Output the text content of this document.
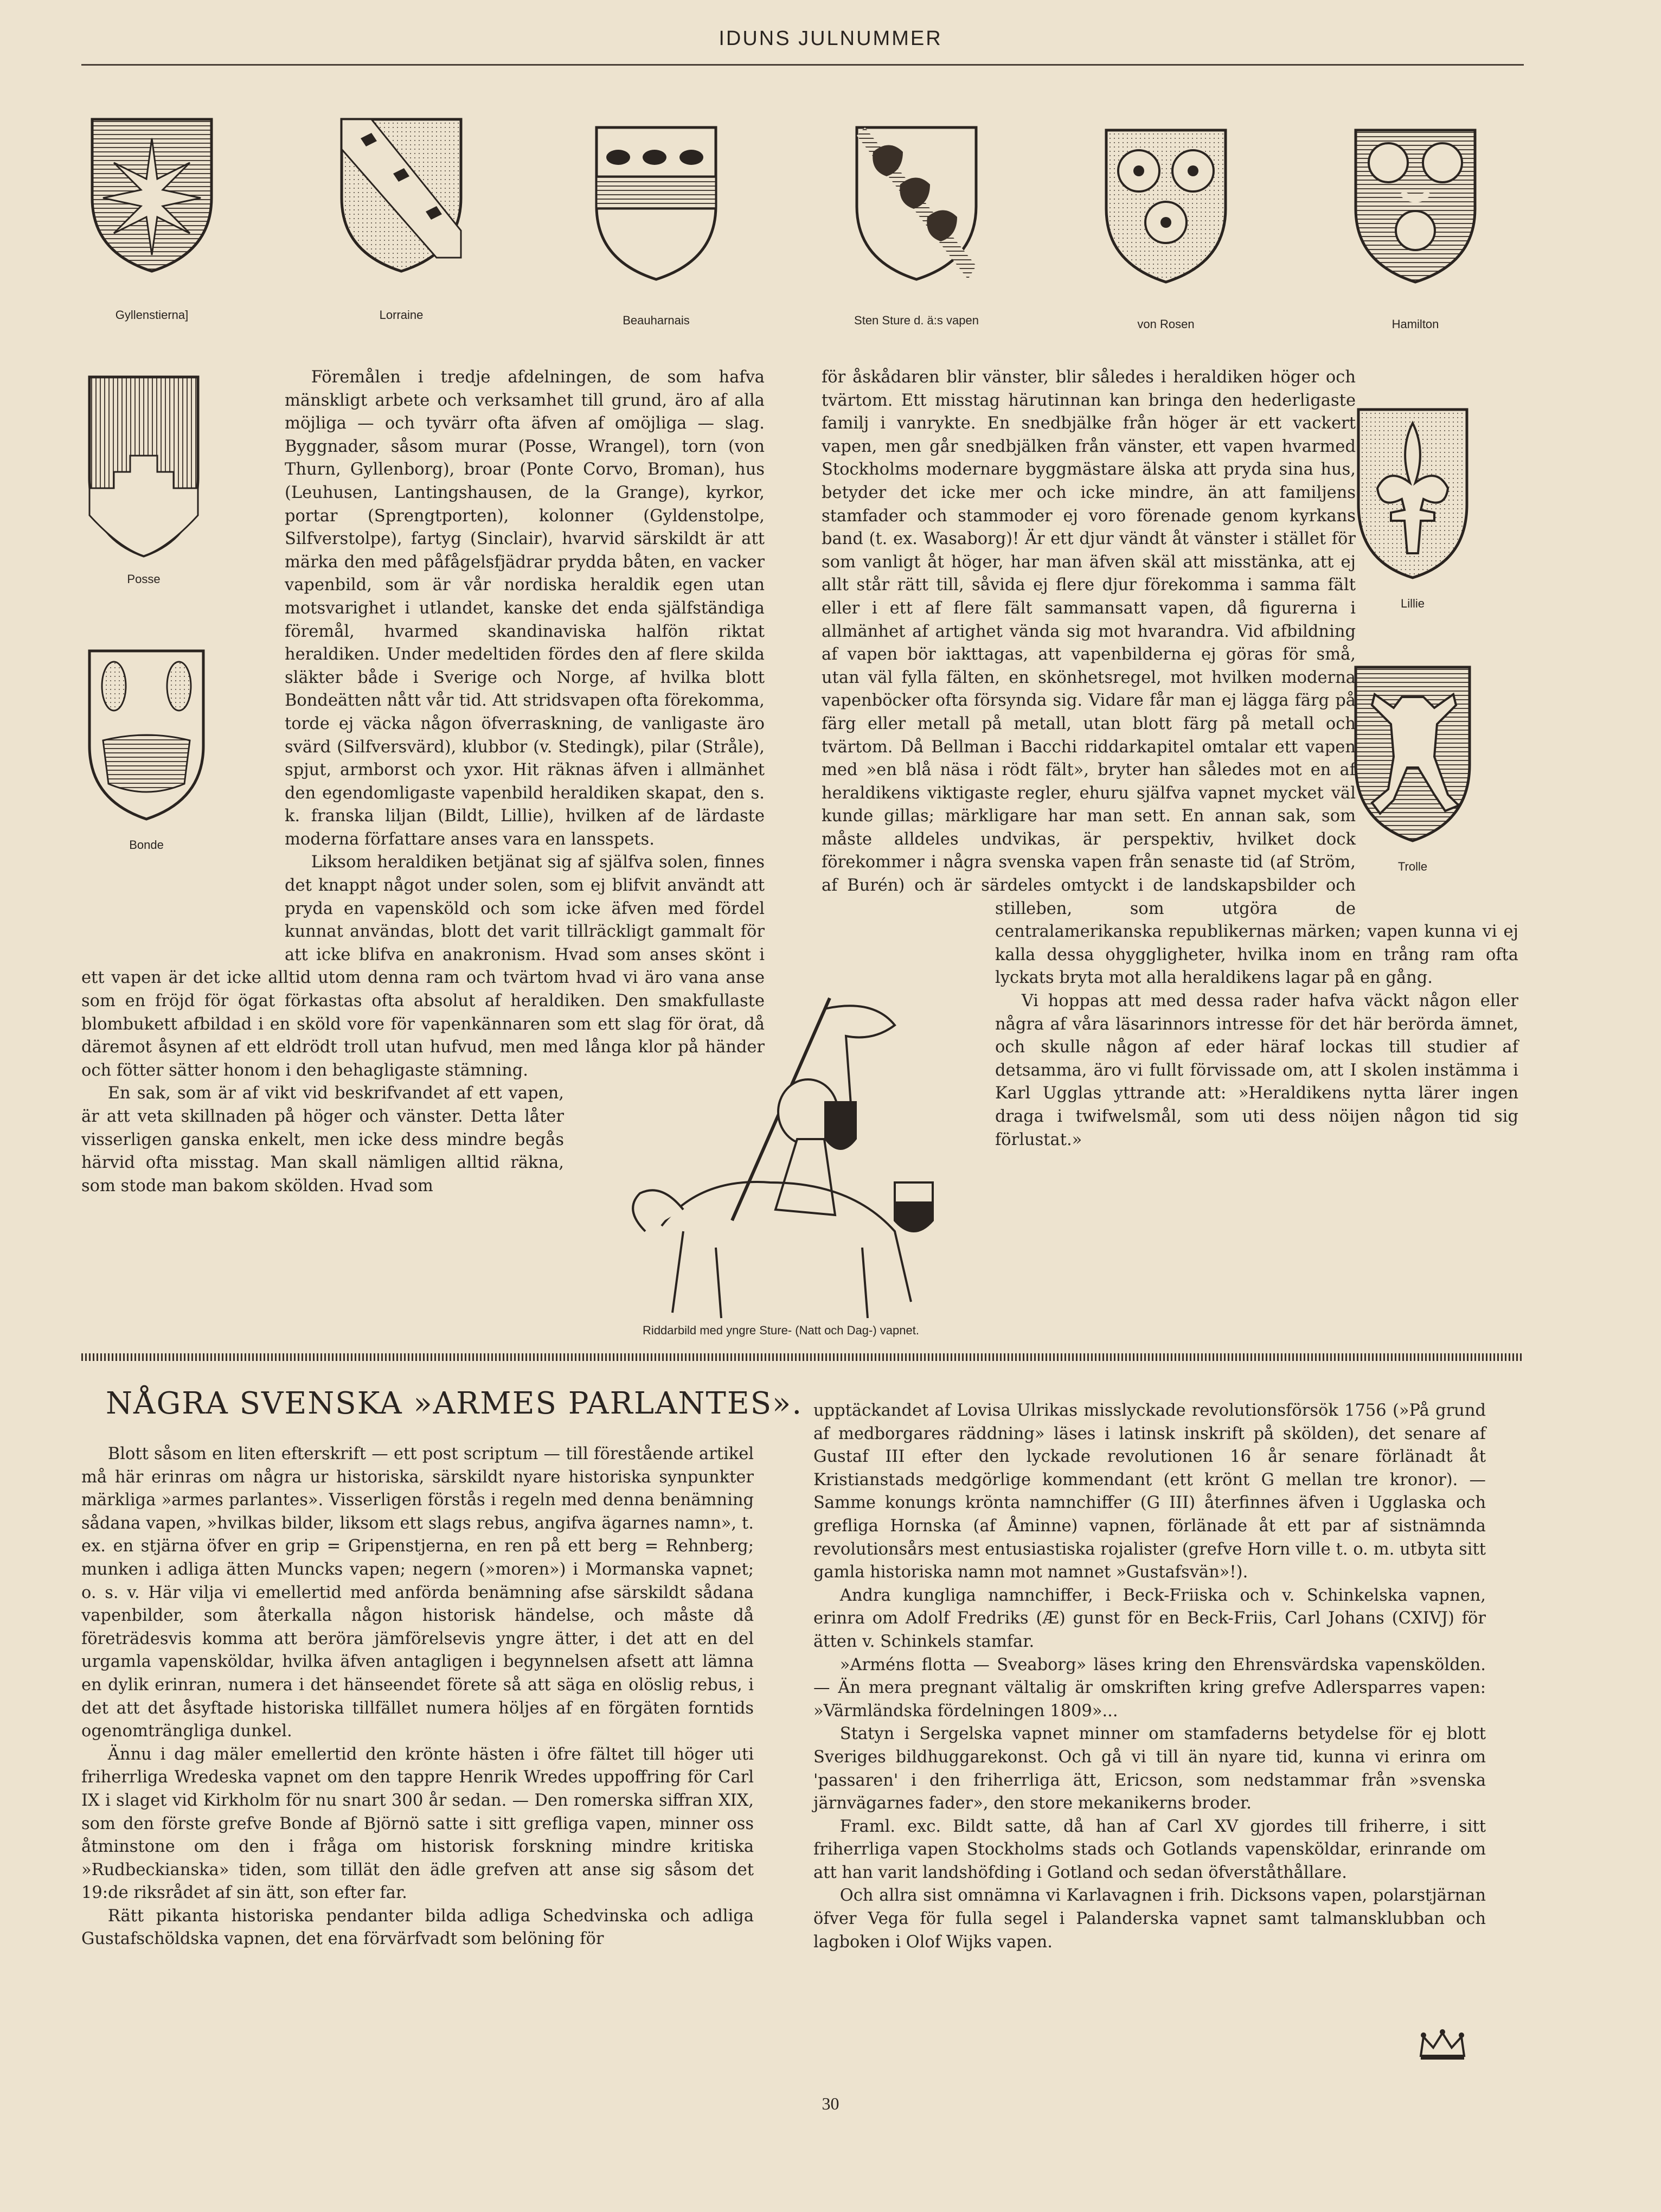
IDUNS JULNUMMER
Gyllenstierna]	Lorraine	Beauharnais	Sten Sture d. ä:s vapen	von Rosen	Hamilton
Posse
Bonde
Lillie
Trolle

Föremålen i tredje afdelningen, de som hafva mänskligt arbete och verksamhet till grund, äro af alla möjliga — och tyvärr ofta äfven af omöjliga — slag. Byggnader, såsom murar (Posse, Wrangel), torn (von Thurn, Gyllenborg), broar (Ponte Corvo, Broman), hus (Leuhusen, Lantingshausen, de la Grange), kyrkor, portar (Sprengtporten), kolonner (Gyldenstolpe, Silfverstolpe), fartyg (Sinclair), hvarvid särskildt är att märka den med påfågelsfjädrar prydda båten, en vacker vapenbild, som är vår nordiska heraldik egen utan motsvarighet i utlandet, kanske det enda själfständiga föremål, hvarmed skandinaviska halfön riktat heraldiken. Under medeltiden fördes den af flere skilda släkter både i Sverige och Norge, af hvilka blott Bondeätten nått vår tid. Att stridsvapen ofta förekomma, torde ej väcka någon öfverraskning, de vanligaste äro svärd (Silfversvärd), klubbor (v. Stedingk), pilar (Stråle), spjut, armborst och yxor. Hit räknas äfven i allmänhet den egendomligaste vapenbild heraldiken skapat, den s. k. franska liljan (Bildt, Lillie), hvilken af de lärdaste moderna författare anses vara en lansspets.

Liksom heraldiken betjänat sig af själfva solen, finnes det knappt något under solen, som ej blifvit användt att pryda en vapensköld och som icke äfven med fördel kunnat användas, blott det varit tillräckligt gammalt för att icke blifva en anakronism. Hvad som anses skönt i ett vapen är det icke alltid utom denna ram och tvärtom hvad vi äro vana anse som en fröjd för ögat förkastas ofta absolut af heraldiken. Den smakfullaste blombukett afbildad i en sköld vore för vapenkännaren som ett slag för örat, då däremot åsynen af ett eldrödt troll utan hufvud, men med långa klor på händer och fötter sätter honom i den behagligaste stämning.

En sak, som är af vikt vid beskrifvandet af ett vapen, är att veta skillnaden på höger och vänster. Detta låter visserligen ganska enkelt, men icke dess mindre begås härvid ofta misstag. Man skall nämligen alltid räkna, som stode man bakom skölden. Hvad som

för åskådaren blir vänster, blir således i heraldiken höger och tvärtom. Ett misstag härutinnan kan bringa den hederligaste familj i vanrykte. En snedbjälke från höger är ett vackert vapen, men går snedbjälken från vänster, ett vapen hvarmed Stockholms modernare byggmästare älska att pryda sina hus, betyder det icke mer och icke mindre, än att familjens stamfader och stammoder ej voro förenade genom kyrkans band (t. ex. Wasaborg)! Är ett djur vändt åt vänster i stället för som vanligt åt höger, har man äfven skäl att misstänka, att ej allt står rätt till, såvida ej flere djur förekomma i samma fält eller i ett af flere fält sammansatt vapen, då figurerna i allmänhet af artighet vända sig mot hvarandra. Vid afbildning af vapen bör iakttagas, att vapenbilderna ej göras för små, utan väl fylla fälten, en skönhetsregel, mot hvilken moderna vapenböcker ofta försynda sig. Vidare får man ej lägga färg på färg eller metall på metall, utan blott färg på metall och tvärtom. Då Bellman i Bacchi riddarkapitel omtalar ett vapen med »en blå näsa i rödt fält», bryter han således mot en af heraldikens viktigaste regler, ehuru själfva vapnet mycket väl kunde gillas; märkligare har man sett. En annan sak, som måste alldeles undvikas, är perspektiv, hvilket dock förekommer i några svenska vapen från senaste tid (af Ström, af Burén) och är särdeles omtyckt i de landskapsbilder och stilleben, som utgöra de centralamerikanska republikernas märken; vapen kunna vi ej kalla dessa ohyggligheter, hvilka inom en trång ram ofta lyckats bryta mot alla heraldikens lagar på en gång.

Vi hoppas att med dessa rader hafva väckt någon eller några af våra läsarinnors intresse för det här berörda ämnet, och skulle någon af eder häraf lockas till studier af detsamma, äro vi fullt förvissade om, att I skolen instämma i Karl Ugglas yttrande att: »Heraldikens nytta lärer ingen draga i twifwelsmål, som uti dess nöijen någon tid sig förlustat.»

Riddarbild med yngre Sture- (Natt och Dag-) vapnet.
NÅGRA SVENSKA »ARMES PARLANTES».

Blott såsom en liten efterskrift — ett post scriptum — till förestående artikel må här erinras om några ur historiska, särskildt nyare historiska synpunkter märkliga »armes parlantes». Visserligen förstås i regeln med denna benämning sådana vapen, »hvilkas bilder, liksom ett slags rebus, angifva ägarnes namn», t. ex. en stjärna öfver en grip = Gripenstjerna, en ren på ett berg = Rehnberg; munken i adliga ätten Muncks vapen; negern (»moren») i Mormanska vapnet; o. s. v. Här vilja vi emellertid med anförda benämning afse särskildt sådana vapenbilder, som återkalla någon historisk händelse, och måste då företrädesvis komma att beröra jämförelsevis yngre ätter, i det att en del urgamla vapensköldar, hvilka äfven antagligen i begynnelsen afsett att lämna en dylik erinran, numera i det hänseendet förete så att säga en olöslig rebus, i det att det åsyftade historiska tillfället numera höljes af en förgäten forntids ogenomträngliga dunkel.

Ännu i dag mäler emellertid den krönte hästen i öfre fältet till höger uti friherrliga Wredeska vapnet om den tappre Henrik Wredes uppoffring för Carl IX i slaget vid Kirkholm för nu snart 300 år sedan. — Den romerska siffran XIX, som den förste grefve Bonde af Björnö satte i sitt grefliga vapen, minner oss åtminstone om den i fråga om historisk forskning mindre kritiska »Rudbeckianska» tiden, som tillät den ädle grefven att anse sig såsom det 19:de riksrådet af sin ätt, son efter far.

Rätt pikanta historiska pendanter bilda adliga Schedvinska och adliga Gustafschöldska vapnen, det ena förvärfvadt som belöning för

upptäckandet af Lovisa Ulrikas misslyckade revolutionsförsök 1756 (»På grund af medborgares räddning» läses i latinsk inskrift på skölden), det senare af Gustaf III efter den lyckade revolutionen 16 år senare förlänadt åt Kristianstads medgörlige kommendant (ett krönt G mellan tre kronor). — Samme konungs krönta namnchiffer (G III) återfinnes äfven i Ugglaska och grefliga Hornska (af Åminne) vapnen, förlänade åt ett par af sistnämnda revolutionsårs mest entusiastiska rojalister (grefve Horn ville t. o. m. utbyta sitt gamla historiska namn mot namnet »Gustafsvän»!).

Andra kungliga namnchiffer, i Beck-Friiska och v. Schinkelska vapnen, erinra om Adolf Fredriks (Æ) gunst för en Beck-Friis, Carl Johans (CXIVJ) för ätten v. Schinkels stamfar.

»Arméns flotta — Sveaborg» läses kring den Ehrensvärdska vapenskölden. — Än mera pregnant vältalig är omskriften kring grefve Adlersparres vapen: »Värmländska fördelningen 1809»...

Statyn i Sergelska vapnet minner om stamfaderns betydelse för ej blott Sveriges bildhuggarekonst. Och gå vi till än nyare tid, kunna vi erinra om 'passaren' i den friherrliga ätt, Ericson, som nedstammar från »svenska järnvägarnes fader», den store mekanikerns broder.

Framl. exc. Bildt satte, då han af Carl XV gjordes till friherre, i sitt friherrliga vapen Stockholms stads och Gotlands vapensköldar, erinrande om att han varit landshöfding i Gotland och sedan öfverståthållare.

Och allra sist omnämna vi Karlavagnen i frih. Dicksons vapen, polarstjärnan öfver Vega för fulla segel i Palanderska vapnet samt talmansklubban och lagboken i Olof Wijks vapen.

30
